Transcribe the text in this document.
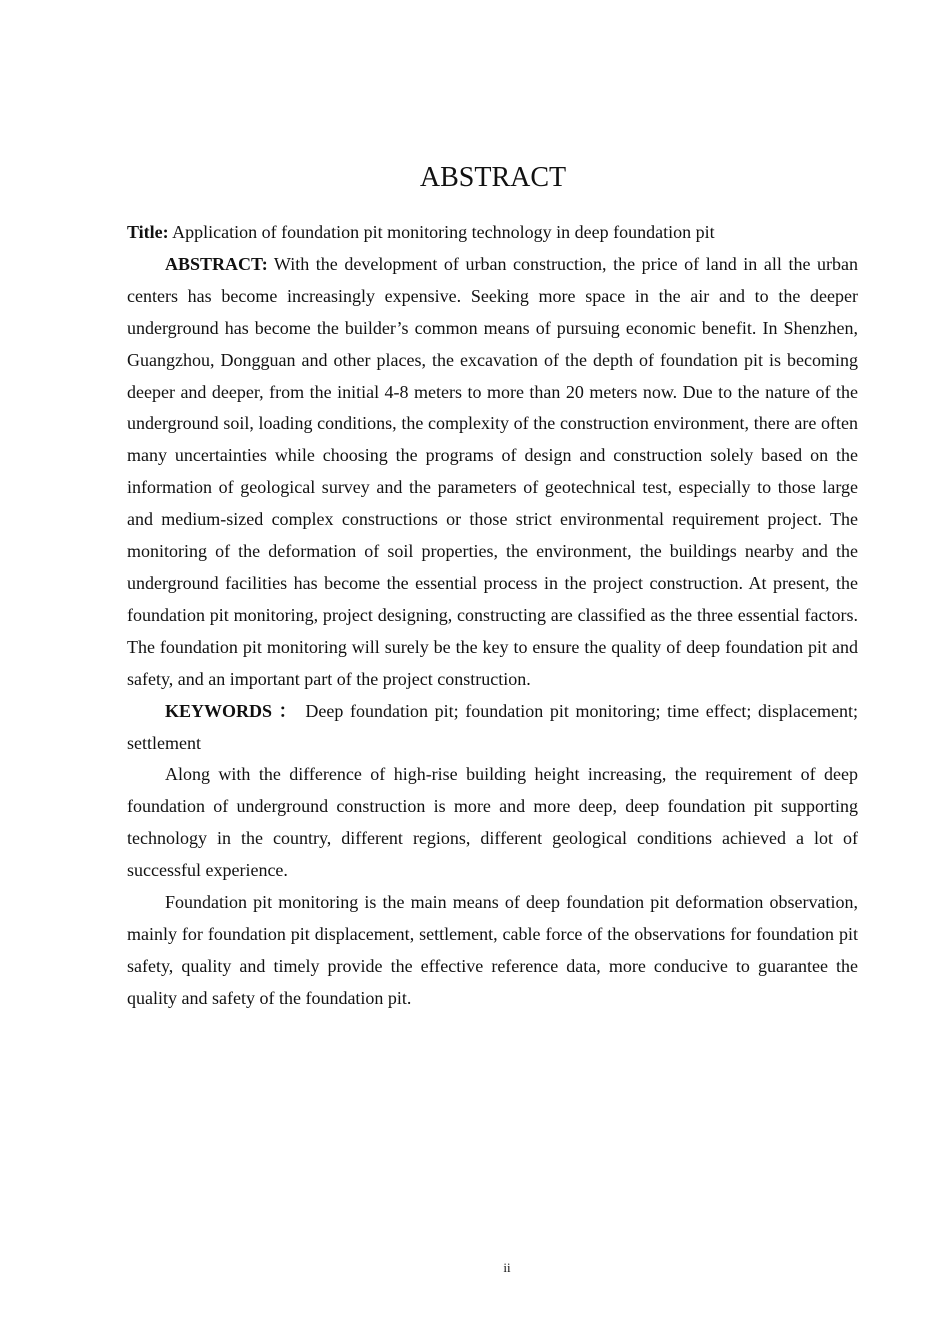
ABSTRACT

Title: Application of foundation pit monitoring technology in deep foundation pit

ABSTRACT: With the development of urban construction, the price of land in all the urban centers has become increasingly expensive. Seeking more space in the air and to the deeper underground has become the builder’s common means of pursuing economic benefit. In Shenzhen, Guangzhou, Dongguan and other places, the excavation of the depth of foundation pit is becoming deeper and deeper, from the initial 4-8 meters to more than 20 meters now. Due to the nature of the underground soil, loading conditions, the complexity of the construction environment, there are often many uncertainties while choosing the programs of design and construction solely based on the information of geological survey and the parameters of geotechnical test, especially to those large and medium-sized complex constructions or those strict environmental requirement project. The monitoring of the deformation of soil properties, the environment, the buildings nearby and the underground facilities has become the essential process in the project construction. At present, the foundation pit monitoring, project designing, constructing are classified as the three essential factors. The foundation pit monitoring will surely be the key to ensure the quality of deep foundation pit and safety, and an important part of the project construction.

KEYWORDS ： Deep foundation pit; foundation pit monitoring; time effect; displacement; settlement

Along with the difference of high-rise building height increasing, the requirement of deep foundation of underground construction is more and more deep, deep foundation pit supporting technology in the country, different regions, different geological conditions achieved a lot of successful experience.

Foundation pit monitoring is the main means of deep foundation pit deformation observation, mainly for foundation pit displacement, settlement, cable force of the observations for foundation pit safety, quality and timely provide the effective reference data, more conducive to guarantee the quality and safety of the foundation pit.

ii
